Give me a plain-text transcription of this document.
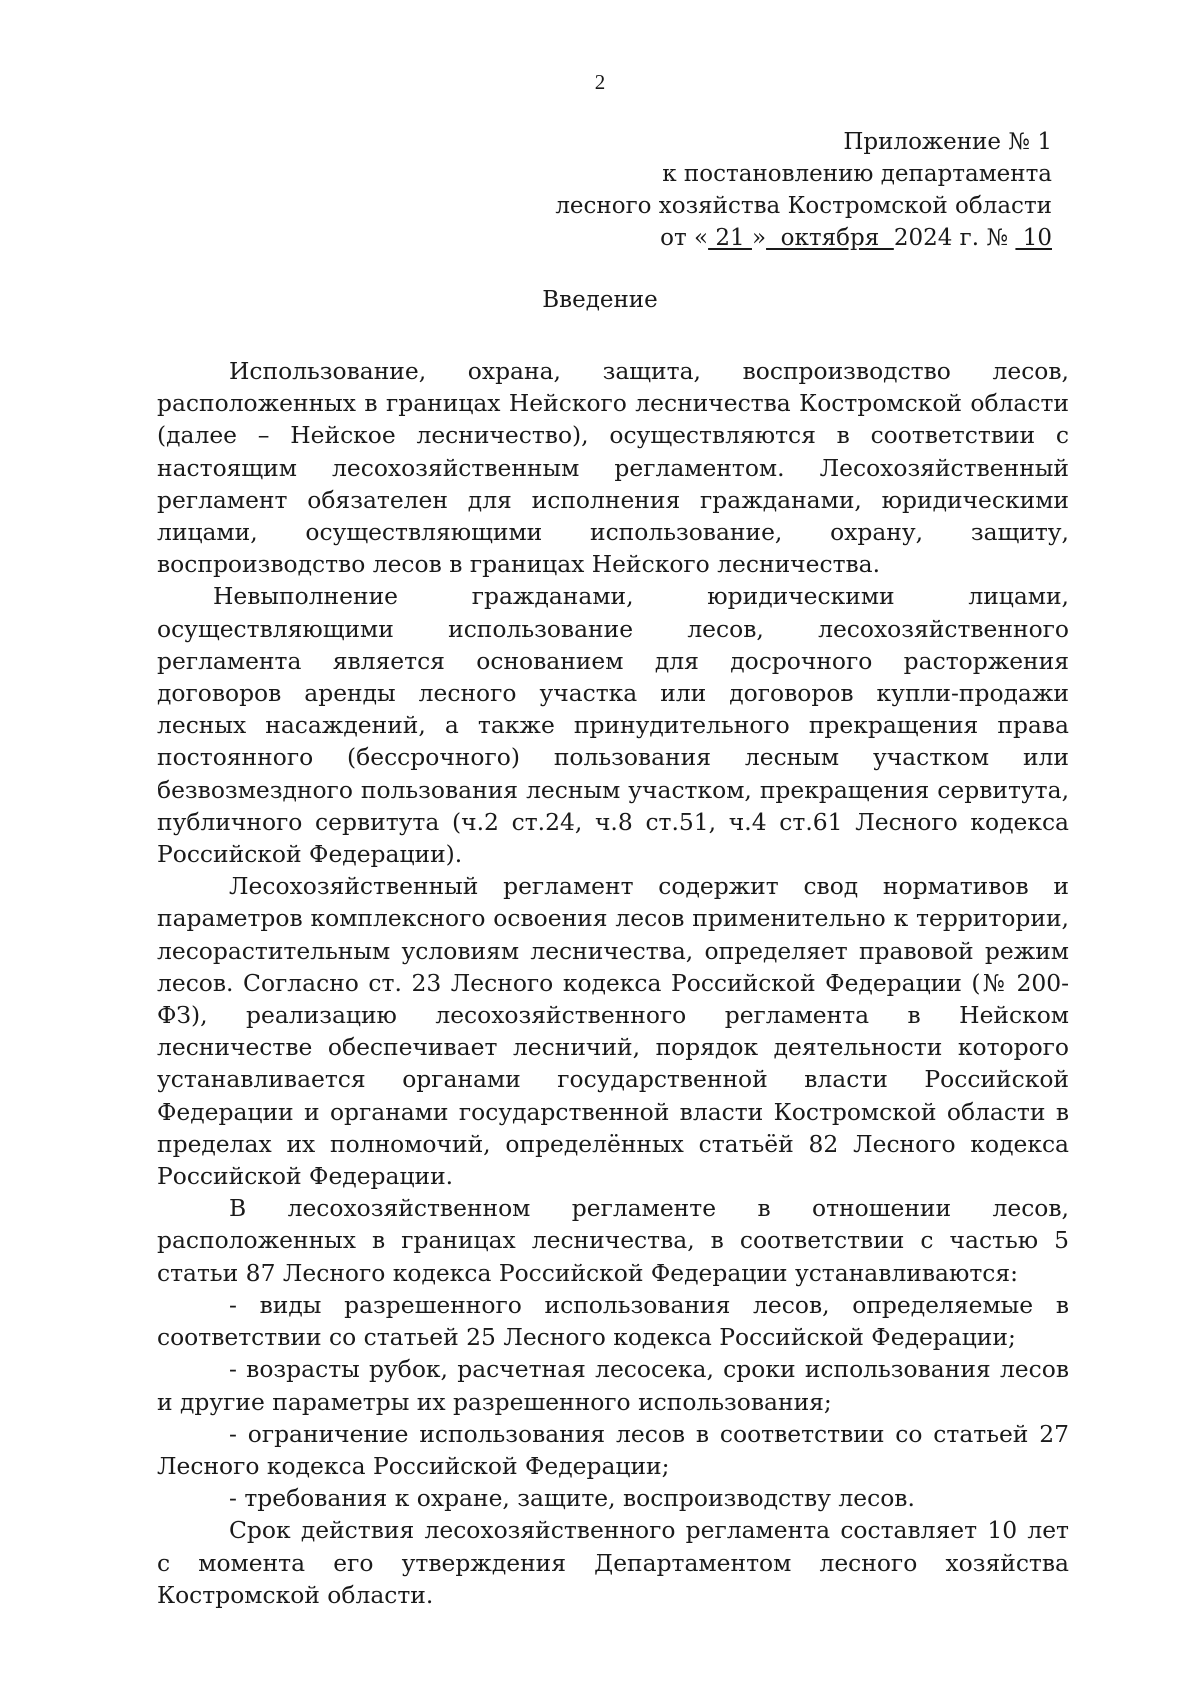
2
Приложение № 1
к постановлению департамента
лесного хозяйства Костромской области
от « 21 »  октября  2024 г. №  10
Введение

Использование, охрана, защита, воспроизводство лесов, расположенных в границах Нейского лесничества Костромской области (далее – Нейское лесничество), осуществляются в соответствии с настоящим лесохозяйственным регламентом. Лесохозяйственный регламент обязателен для исполнения гражданами, юридическими лицами, осуществляющими использование, охрану, защиту, воспроизводство лесов в границах Нейского лесничества.

Невыполнение гражданами, юридическими лицами, осуществляющими использование лесов, лесохозяйственного регламента является основанием для досрочного расторжения договоров аренды лесного участка или договоров купли-продажи лесных насаждений, а также принудительного прекращения права постоянного (бессрочного) пользования лесным участком или безвозмездного пользования лесным участком, прекращения сервитута, публичного сервитута (ч.2 ст.24, ч.8 ст.51, ч.4 ст.61 Лесного кодекса Российской Федерации).

Лесохозяйственный регламент содержит свод нормативов и параметров комплексного освоения лесов применительно к территории, лесорастительным условиям лесничества, определяет правовой режим лесов. Согласно ст. 23 Лесного кодекса Российской Федерации (№ 200-ФЗ), реализацию лесохозяйственного регламента в Нейском лесничестве обеспечивает лесничий, порядок деятельности которого устанавливается органами государственной власти Российской Федерации и органами государственной власти Костромской области в пределах их полномочий, определённых статьёй 82 Лесного кодекса Российской Федерации.

В лесохозяйственном регламенте в отношении лесов, расположенных в границах лесничества, в соответствии с частью 5 статьи 87 Лесного кодекса Российской Федерации устанавливаются:

- виды разрешенного использования лесов, определяемые в соответствии со статьей 25 Лесного кодекса Российской Федерации;

- возрасты рубок, расчетная лесосека, сроки использования лесов и другие параметры их разрешенного использования;

- ограничение использования лесов в соответствии со статьей 27 Лесного кодекса Российской Федерации;

- требования к охране, защите, воспроизводству лесов.

Срок действия лесохозяйственного регламента составляет 10 лет с момента его утверждения Департаментом лесного хозяйства Костромской области.
